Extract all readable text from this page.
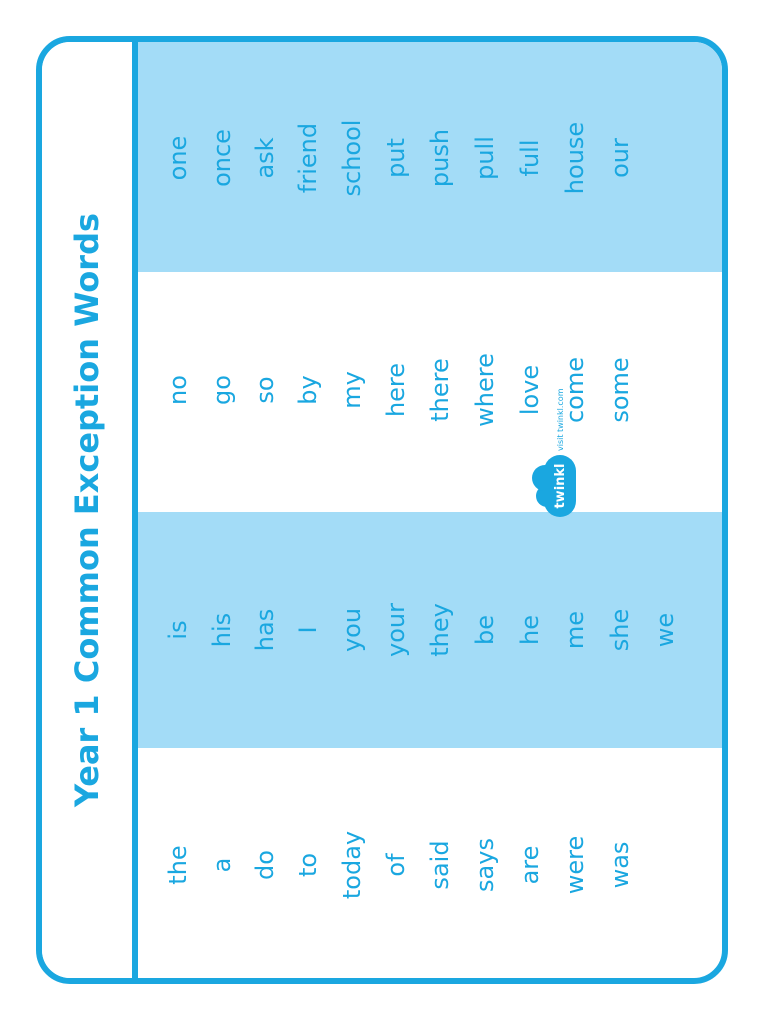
Year 1 Common Exception Words
the a do to today of said says are were was
is his has I you your they be he me she we
no go so by my here there where love come some
one once ask friend school put push pull full house our
twinkl
visit twinkl.com
